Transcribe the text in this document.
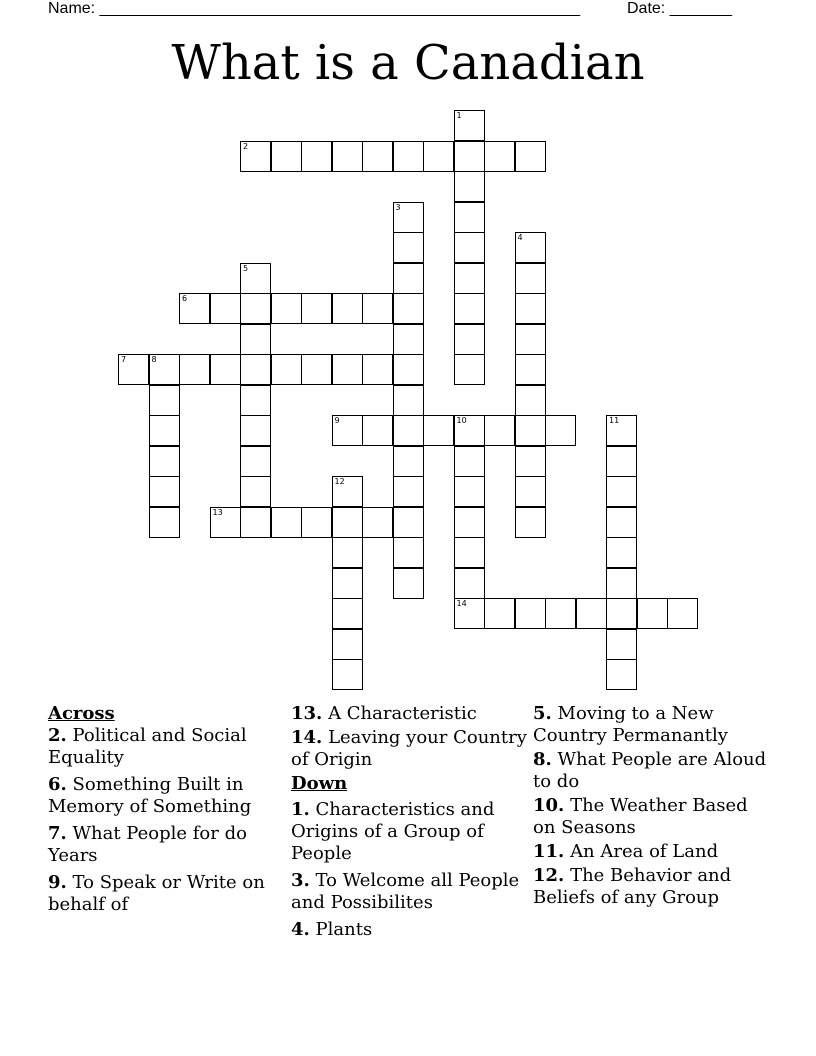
Name: ______________________________________________________	Date: _______
What is a Canadian
1
2
3
4
5
6
7	8
9	10
14
11
12
13

Across

2. Political and Social Equality

6. Something Built in Memory of Something

7. What People for do Years

9. To Speak or Write on behalf of

13. A Characteristic

14. Leaving your Country of Origin

Down

1. Characteristics and Origins of a Group of People

3. To Welcome all People and Possibilites

4. Plants

5. Moving to a New Country Permanantly

8. What People are Aloud to do

10. The Weather Based on Seasons

11. An Area of Land

12. The Behavior and Beliefs of any Group
